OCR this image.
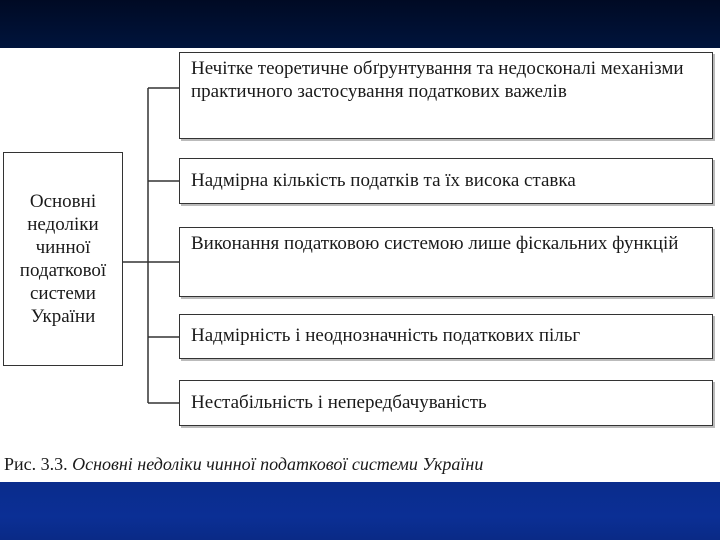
Основні
недоліки
чинної
податкової
системи
України
Нечітке теоретичне обґрунтування та недосконалі механізми практичного застосування податкових важелів
Надмірна кількість податків та їх висока ставка
Виконання податковою системою лише фіскальних функцій
Надмірність і неоднозначність податкових пільг
Нестабільність і непередбачуваність
Рис. 3.3. Основні недоліки чинної податкової системи України
